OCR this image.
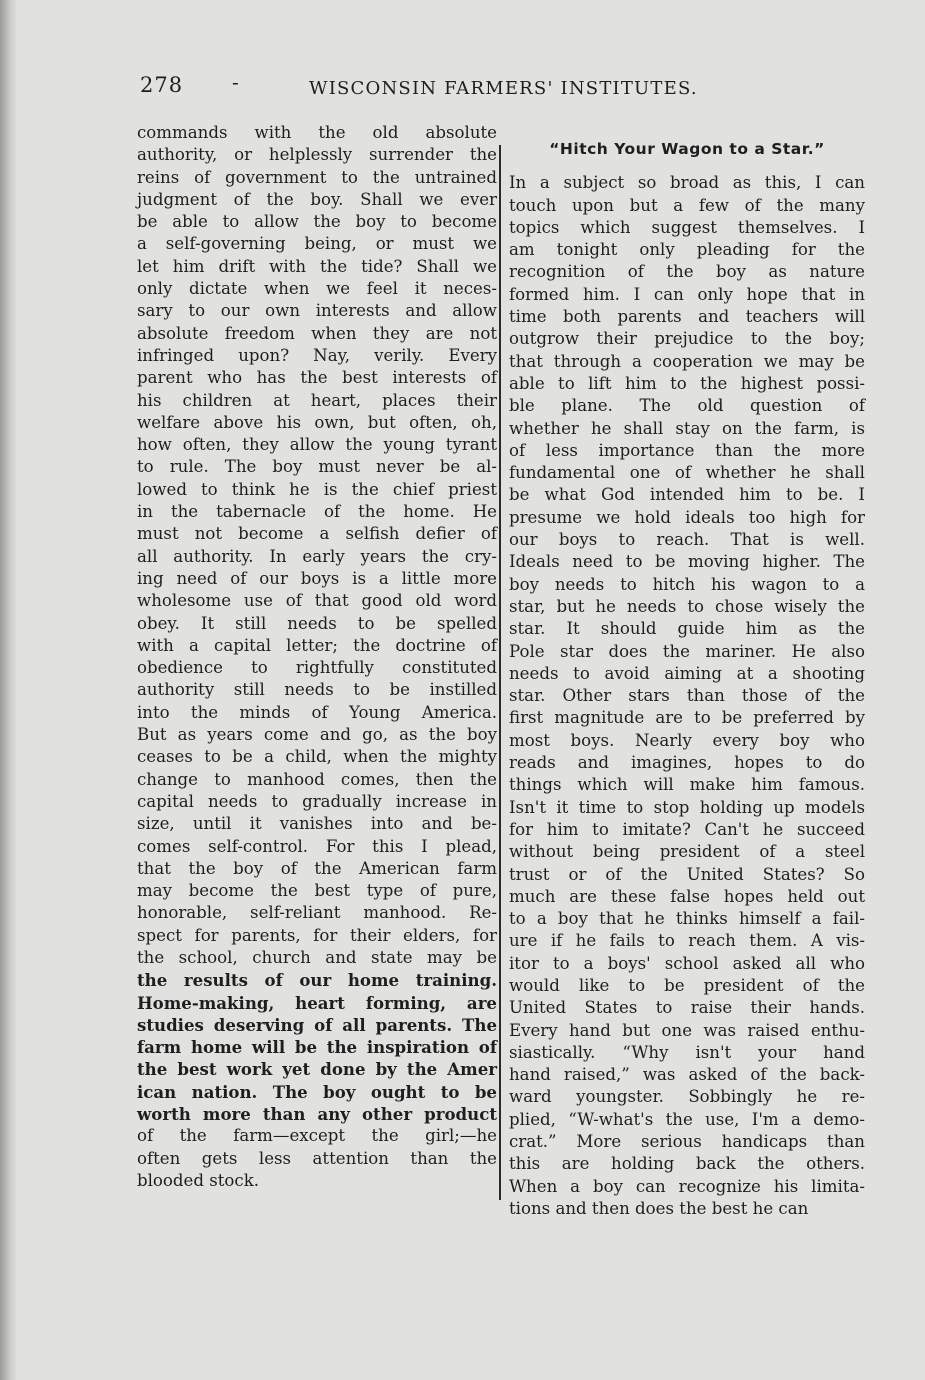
278 -	WISCONSIN FARMERS' INSTITUTES.
commands with the old absolute
authority, or helplessly surrender the
reins of government to the untrained
judgment of the boy. Shall we ever
be able to allow the boy to become
a self-governing being, or must we
let him drift with the tide? Shall we
only dictate when we feel it neces-
sary to our own interests and allow
absolute freedom when they are not
infringed upon? Nay, verily. Every
parent who has the best interests of
his children at heart, places their
welfare above his own, but often, oh,
how often, they allow the young tyrant
to rule. The boy must never be al-
lowed to think he is the chief priest
in the tabernacle of the home. He
must not become a selfish defier of
all authority. In early years the cry-
ing need of our boys is a little more
wholesome use of that good old word
obey. It still needs to be spelled
with a capital letter; the doctrine of
obedience to rightfully constituted
authority still needs to be instilled
into the minds of Young America.
But as years come and go, as the boy
ceases to be a child, when the mighty
change to manhood comes, then the
capital needs to gradually increase in
size, until it vanishes into and be-
comes self-control. For this I plead,
that the boy of the American farm
may become the best type of pure,
honorable, self-reliant manhood. Re-
spect for parents, for their elders, for
the school, church and state may be
the results of our home training.
Home-making, heart forming, are
studies deserving of all parents. The
farm home will be the inspiration of
the best work yet done by the Amer
ican nation. The boy ought to be
worth more than any other product
of the farm—except the girl;—he
often gets less attention than the
blooded stock.
“Hitch Your Wagon to a Star.”
In a subject so broad as this, I can
touch upon but a few of the many
topics which suggest themselves. I
am tonight only pleading for the
recognition of the boy as nature
formed him. I can only hope that in
time both parents and teachers will
outgrow their prejudice to the boy;
that through a cooperation we may be
able to lift him to the highest possi-
ble plane. The old question of
whether he shall stay on the farm, is
of less importance than the more
fundamental one of whether he shall
be what God intended him to be. I
presume we hold ideals too high for
our boys to reach. That is well.
Ideals need to be moving higher. The
boy needs to hitch his wagon to a
star, but he needs to chose wisely the
star. It should guide him as the
Pole star does the mariner. He also
needs to avoid aiming at a shooting
star. Other stars than those of the
first magnitude are to be preferred by
most boys. Nearly every boy who
reads and imagines, hopes to do
things which will make him famous.
Isn't it time to stop holding up models
for him to imitate? Can't he succeed
without being president of a steel
trust or of the United States? So
much are these false hopes held out
to a boy that he thinks himself a fail-
ure if he fails to reach them. A vis-
itor to a boys' school asked all who
would like to be president of the
United States to raise their hands.
Every hand but one was raised enthu-
siastically. “Why isn't your hand
hand raised,” was asked of the back-
ward youngster. Sobbingly he re-
plied, “W-what's the use, I'm a demo-
crat.” More serious handicaps than
this are holding back the others.
When a boy can recognize his limita-
tions and then does the best he can
